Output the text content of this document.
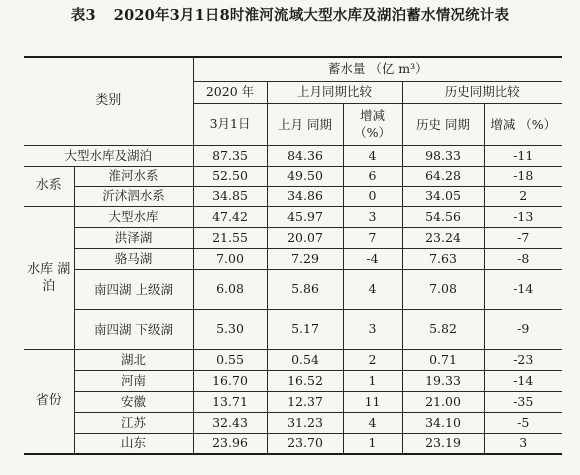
表3 2020年3月1日8时淮河流域大型水库及湖泊蓄水情况统计表
类别		蓄水量 （亿 m³）				
		2020 年	上月同期比较		历史同期比较	
		3月1日	上月 同期	增减 （%）	历史 同期	增减 （%）
大型水库及湖泊		87.35	84.36	4	98.33	-11
水系	淮河水系	52.50	49.50	6	64.28	-18
	沂沭泗水系	34.85	34.86	0	34.05	2
水库 湖泊	大型水库	47.42	45.97	3	54.56	-13
	洪泽湖	21.55	20.07	7	23.24	-7
	骆马湖	7.00	7.29	-4	7.63	-8
	南四湖 上级湖	6.08	5.86	4	7.08	-14
	南四湖 下级湖	5.30	5.17	3	5.82	-9
省份	湖北	0.55	0.54	2	0.71	-23
	河南	16.70	16.52	1	19.33	-14
	安徽	13.71	12.37	11	21.00	-35
	江苏	32.43	31.23	4	34.10	-5
	山东	23.96	23.70	1	23.19	3
